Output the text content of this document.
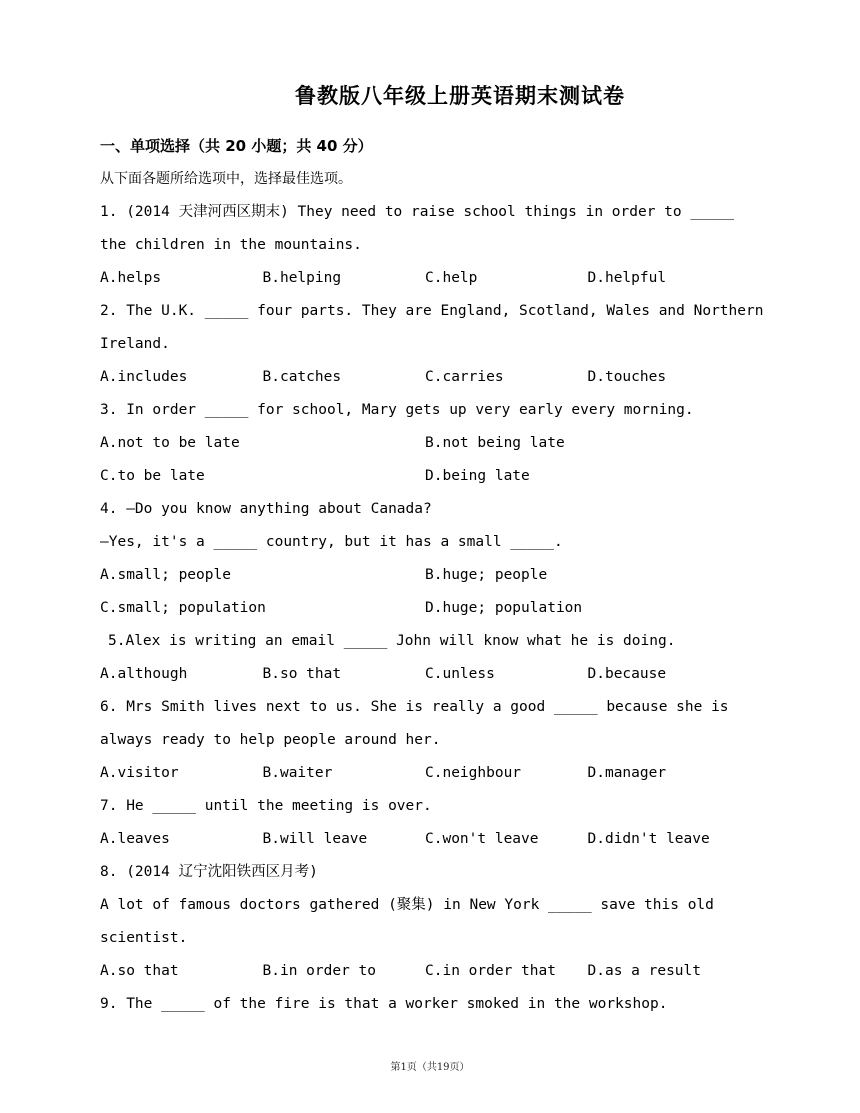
鲁教版八年级上册英语期末测试卷
一、单项选择（共 20 小题；共 40 分）
从下面各题所给选项中，选择最佳选项。
1. (2014 天津河西区期末) They need to raise school things in order to _____
the children in the mountains.
A.helps	B.helping	C.help	D.helpful
2. The U.K. _____ four parts. They are England, Scotland, Wales and Northern
Ireland.
A.includes	B.catches	C.carries	D.touches
3. In order _____ for school, Mary gets up very early every morning.
A.not to be late	B.not being late
C.to be late	D.being late
4. —Do you know anything about Canada?
—Yes, it's a _____ country, but it has a small _____.
A.small; people	B.huge; people
C.small; population	D.huge; population
5.Alex is writing an email _____ John will know what he is doing.
A.although	B.so that	C.unless	D.because
6. Mrs Smith lives next to us. She is really a good _____ because she is
always ready to help people around her.
A.visitor	B.waiter	C.neighbour	D.manager
7. He _____ until the meeting is over.
A.leaves	B.will leave	C.won't leave	D.didn't leave
8. (2014 辽宁沈阳铁西区月考)
A lot of famous doctors gathered (聚集) in New York _____ save this old
scientist.
A.so that	B.in order to	C.in order that	D.as a result
9. The _____ of the fire is that a worker smoked in the workshop.
第1页（共19页）
